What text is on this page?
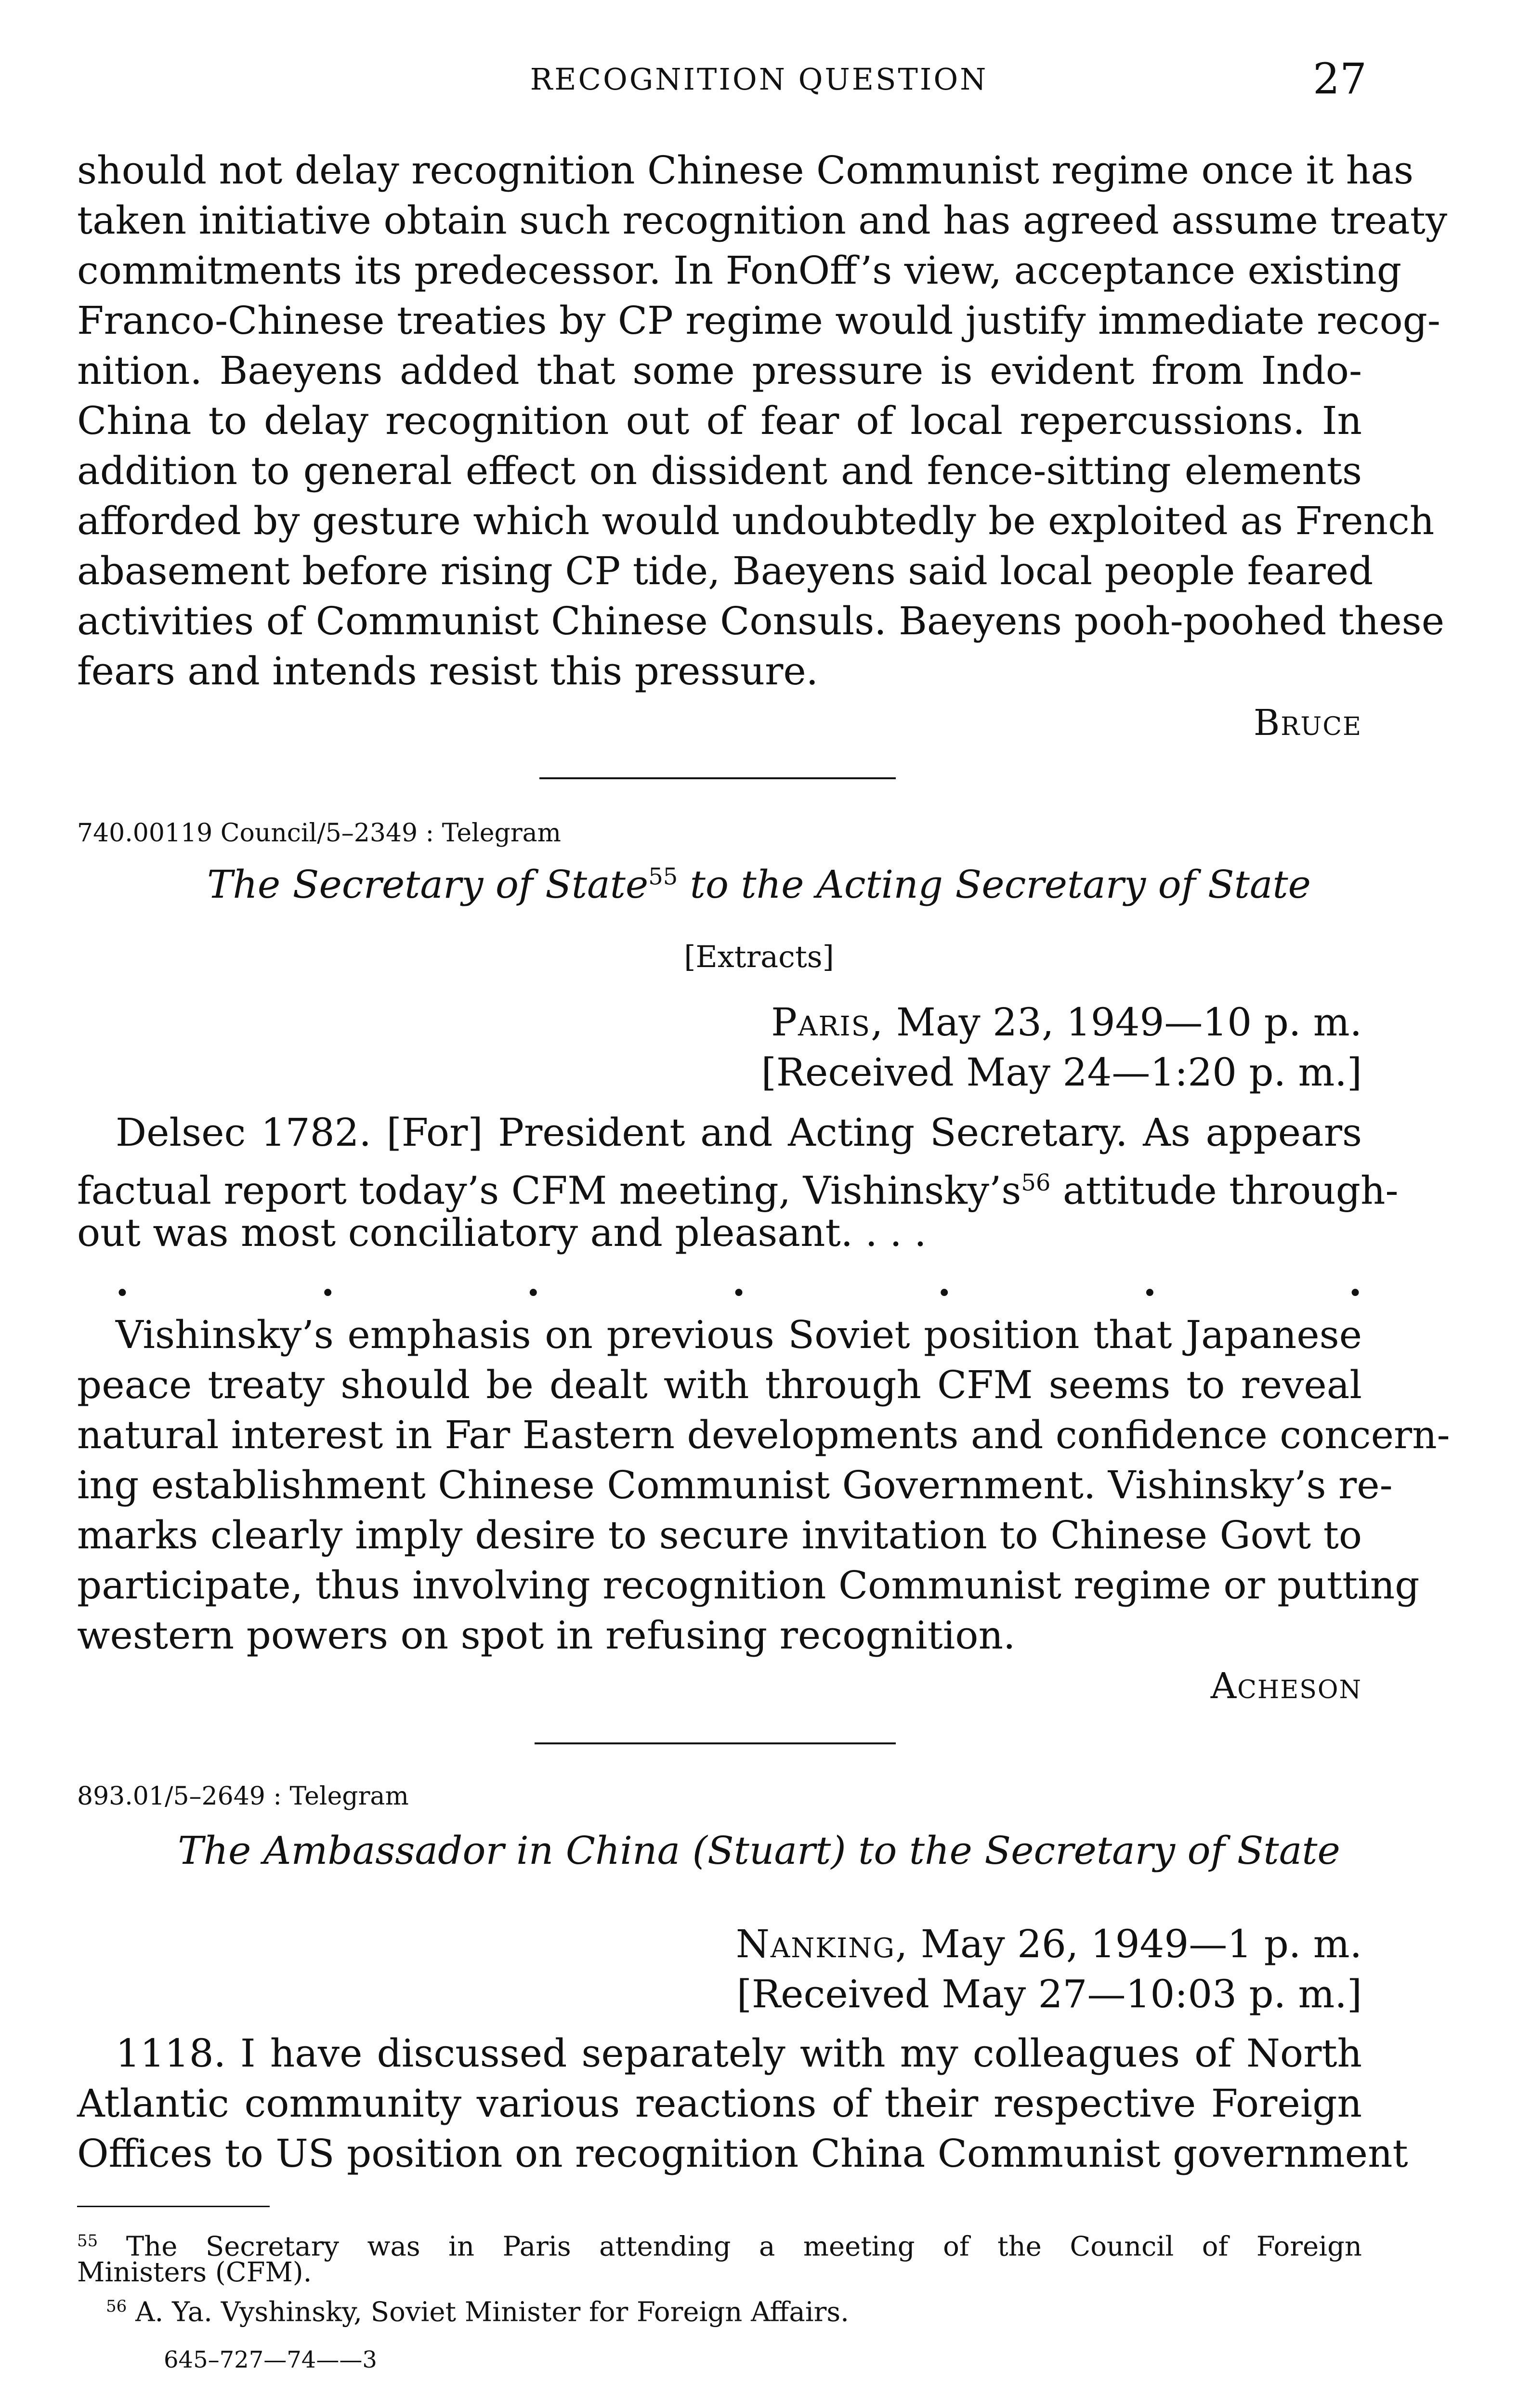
RECOGNITION QUESTION	27
should not delay recognition Chinese Communist regime once it has
taken initiative obtain such recognition and has agreed assume treaty
commitments its predecessor. In FonOff’s view, acceptance existing
Franco-Chinese treaties by CP regime would justify immediate recog-
nition. Baeyens added that some pressure is evident from Indo-
China to delay recognition out of fear of local repercussions. In
addition to general effect on dissident and fence-sitting elements
afforded by gesture which would undoubtedly be exploited as French
abasement before rising CP tide, Baeyens said local people feared
activities of Communist Chinese Consuls. Baeyens pooh-poohed these
fears and intends resist this pressure.
Bruce
740.00119 Council/5–2349 : Telegram
The Secretary of State$^{55}$ to the Acting Secretary of State
[Extracts]
Paris, May 23, 1949—10 p. m.
[Received May 24—1:20 p. m.]
Delsec 1782. [For] President and Acting Secretary. As appears
factual report today’s CFM meeting, $Vishinsky’s^{56}$ attitude through-
out was most conciliatory and pleasant. . . .
. . . . . . .
Vishinsky’s emphasis on previous Soviet position that Japanese
peace treaty should be dealt with through CFM seems to reveal
natural interest in Far Eastern developments and confidence concern-
ing establishment Chinese Communist Government. Vishinsky’s re-
marks clearly imply desire to secure invitation to Chinese Govt to
participate, thus involving recognition Communist regime or putting
western powers on spot in refusing recognition.
Acheson
893.01/5–2649 : Telegram
The Ambassador in China (Stuart) to the Secretary of State
Nanking, May 26, 1949—1 p. m.
[Received May 27—10:03 p. m.]
1118. I have discussed separately with my colleagues of North
Atlantic community various reactions of their respective Foreign
Offices to US position on recognition China Communist government
$^{55}$ The Secretary was in Paris attending a meeting of the Council of Foreign
Ministers (CFM).
$^{56}$ A. Ya. Vyshinsky, Soviet Minister for Foreign Affairs.
645–727—74——3
